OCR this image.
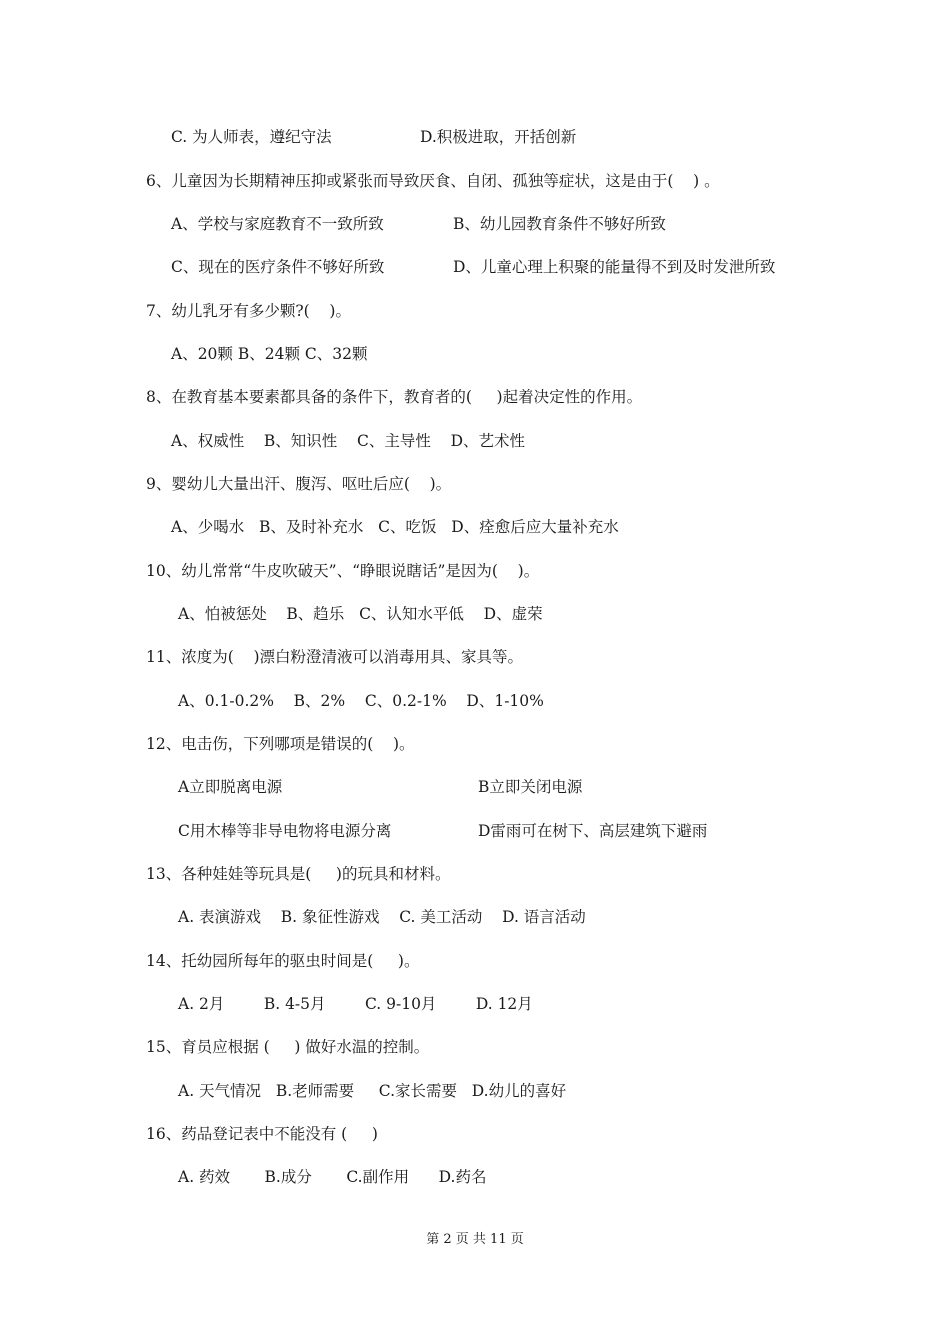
C. 为人师表，遵纪守法	D.积极进取，开括创新
6、儿童因为长期精神压抑或紧张而导致厌食、自闭、孤独等症状，这是由于(    ) 。
A、学校与家庭教育不一致所致	B、幼儿园教育条件不够好所致
C、现在的医疗条件不够好所致	D、儿童心理上积聚的能量得不到及时发泄所致
7、幼儿乳牙有多少颗?(    )。
A、20颗 B、24颗 C、32颗
8、在教育基本要素都具备的条件下，教育者的(     )起着决定性的作用。
A、权威性    B、知识性    C、主导性    D、艺术性
9、婴幼儿大量出汗、腹泻、呕吐后应(    )。
A、少喝水   B、及时补充水   C、吃饭   D、痊愈后应大量补充水
10、幼儿常常“牛皮吹破天”、“睁眼说瞎话”是因为(    )。
A、怕被惩处    B、趋乐   C、认知水平低    D、虚荣
11、浓度为(    )漂白粉澄清液可以消毒用具、家具等。
A、0.1-0.2%    B、2%    C、0.2-1%    D、1-10%
12、电击伤，下列哪项是错误的(    )。
A立即脱离电源	B立即关闭电源
C用木棒等非导电物将电源分离	D雷雨可在树下、高层建筑下避雨
13、各种娃娃等玩具是(     )的玩具和材料。
A. 表演游戏    B. 象征性游戏    C. 美工活动    D. 语言活动
14、托幼园所每年的驱虫时间是(     )。
A. 2月        B. 4-5月        C. 9-10月        D. 12月
15、育员应根据 (     ) 做好水温的控制。
A. 天气情况   B.老师需要     C.家长需要   D.幼儿的喜好
16、药品登记表中不能没有 (     )
A. 药效       B.成分       C.副作用      D.药名
第 2 页 共 11 页
